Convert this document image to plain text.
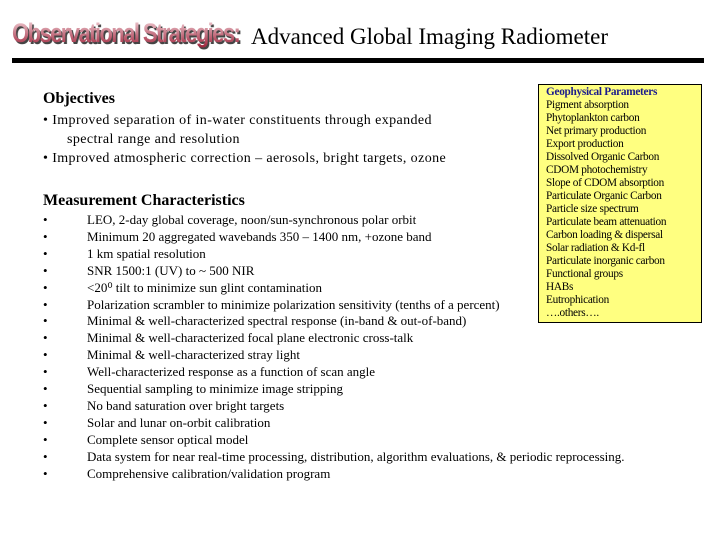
Observational Strategies: Advanced Global Imaging Radiometer
Objectives
• Improved separation of in-water constituents through expanded
spectral range and resolution
• Improved atmospheric correction – aerosols, bright targets, ozone
Measurement Characteristics
•	LEO, 2-day global coverage, noon/sun-synchronous polar orbit
•	Minimum 20 aggregated wavebands 350 – 1400 nm, +ozone band
•	1 km spatial resolution
•	SNR 1500:1 (UV) to ~ 500 NIR
•	<20⁰ tilt to minimize sun glint contamination
•	Polarization scrambler to minimize polarization sensitivity (tenths of a percent)
•	Minimal & well-characterized spectral response (in-band & out-of-band)
•	Minimal & well-characterized focal plane electronic cross-talk
•	Minimal & well-characterized stray light
•	Well-characterized response as a function of scan angle
•	Sequential sampling to minimize image stripping
•	No band saturation over bright targets
•	Solar and lunar on-orbit calibration
•	Complete sensor optical model
•	Data system for near real-time processing, distribution, algorithm evaluations, & periodic reprocessing.
•	Comprehensive calibration/validation program
Geophysical Parameters
Pigment absorption
Phytoplankton carbon
Net primary production
Export production
Dissolved Organic Carbon
CDOM photochemistry
Slope of CDOM absorption
Particulate Organic Carbon
Particle size spectrum
Particulate beam attenuation
Carbon loading & dispersal
Solar radiation & Kd-fl
Particulate inorganic carbon
Functional groups
HABs
Eutrophication
….others….
